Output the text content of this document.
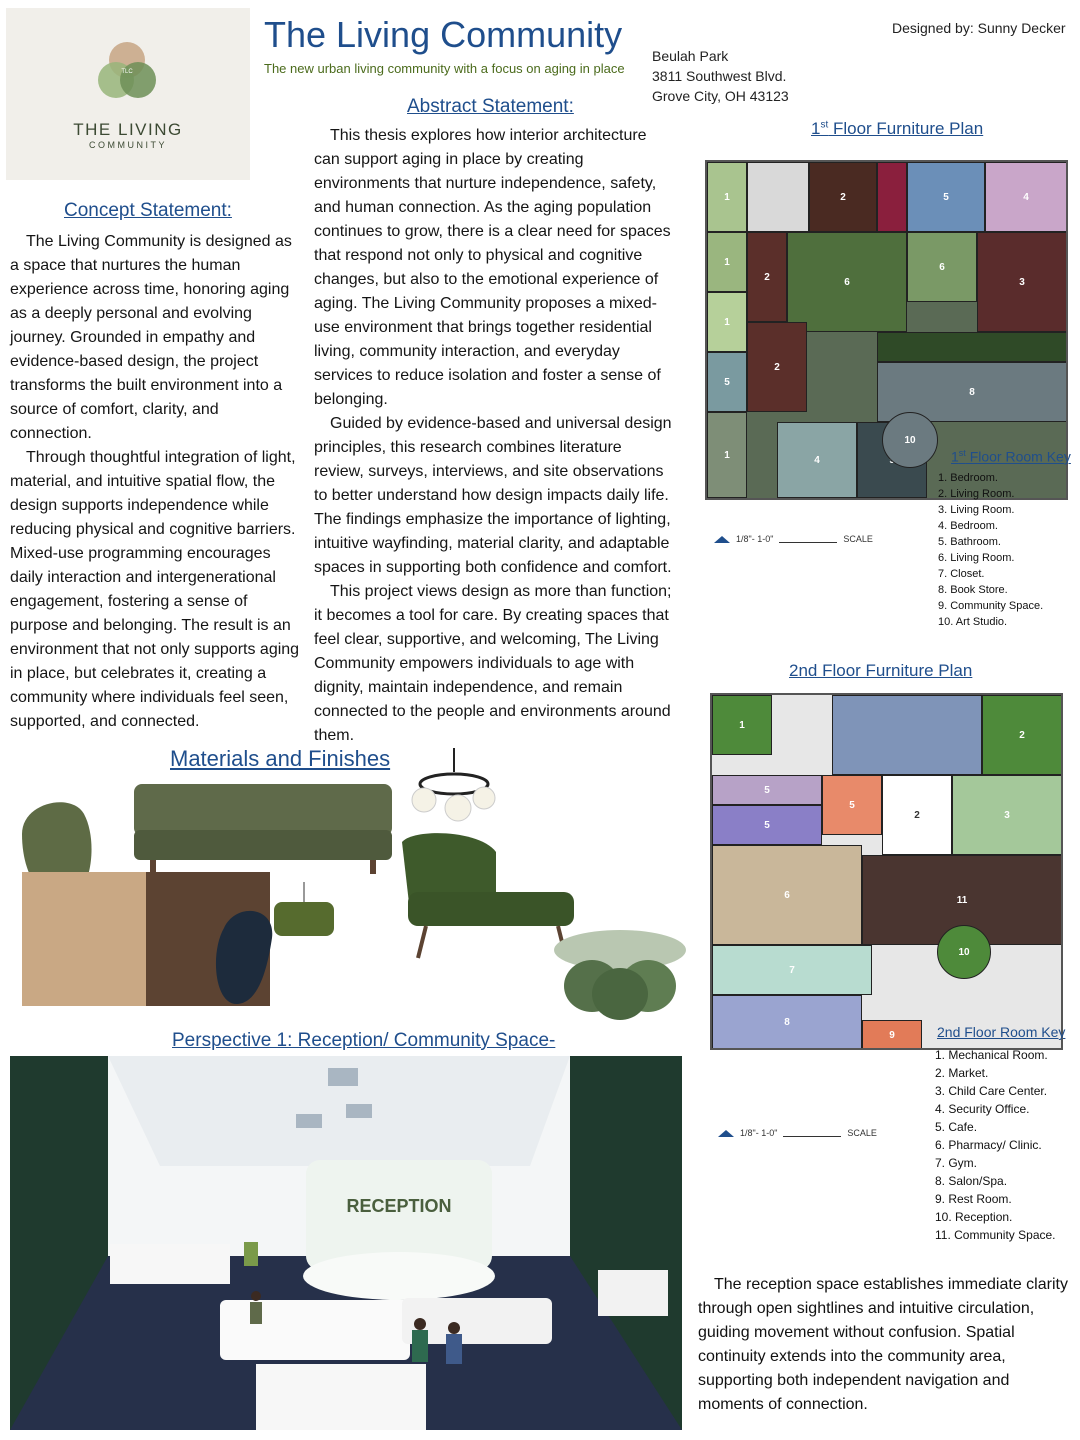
TLC
THE LIVING
COMMUNITY
The Living Community
The new urban living community with a focus on aging in place
Designed by: Sunny Decker
Beulah Park
3811 Southwest Blvd.
Grove City, OH 43123
Concept Statement:

The Living Community is designed as a space that nurtures the human experience across time, honoring aging as a deeply personal and evolving journey. Grounded in empathy and evidence-based design, the project transforms the built environment into a source of comfort, clarity, and connection.

Through thoughtful integration of light, material, and intuitive spatial flow, the design supports independence while reducing physical and cognitive barriers. Mixed-use programming encourages daily interaction and intergenerational engagement, fostering a sense of purpose and belonging. The result is an environment that not only supports aging in place, but celebrates it, creating a community where individuals feel seen, supported, and connected.

Abstract Statement:

This thesis explores how interior architecture can support aging in place by creating environments that nurture independence, safety, and human connection. As the aging population continues to grow, there is a clear need for spaces that respond not only to physical and cognitive changes, but also to the emotional experience of aging. The Living Community proposes a mixed-use environment that brings together residential living, community interaction, and everyday services to reduce isolation and foster a sense of belonging.

Guided by evidence-based and universal design principles, this research combines literature review, surveys, interviews, and site observations to better understand how design impacts daily life. The findings emphasize the importance of lighting, intuitive wayfinding, material clarity, and adaptable spaces in supporting both confidence and comfort.

This project views design as more than function; it becomes a tool for care. By creating spaces that feel clear, supportive, and welcoming, The Living Community empowers individuals to age with dignity, maintain independence, and remain connected to the people and environments around them.

1st Floor Furniture Plan
1	2	5	4
1
2	6
6
3
1
5
2
8
1	4
10
1st Floor Room Key
1. Bedroom.
2. Living Room.
3. Living Room.
4. Bedroom.
5. Bathroom.
6. Living Room.
7. Closet.
8. Book Store.
9. Community Space.
10. Art Studio.
1/8"- 1-0"	SCALE
2nd Floor Furniture Plan
1
2
5
5
2	3
5
6	11
10
7
8
9	2nd Floor Room Key
1. Mechanical Room.
2. Market.
3. Child Care Center.
4. Security Office.
5. Cafe.
6. Pharmacy/ Clinic.
7. Gym.
8. Salon/Spa.
9. Rest Room.
10. Reception.
11. Community Space.
1/8"- 1-0"	SCALE
Materials and Finishes
Perspective 1: Reception/ Community Space-
RECEPTION

The reception space establishes immediate clarity through open sightlines and intuitive circulation, guiding movement without confusion. Spatial continuity extends into the community area, supporting both independent navigation and moments of connection.
